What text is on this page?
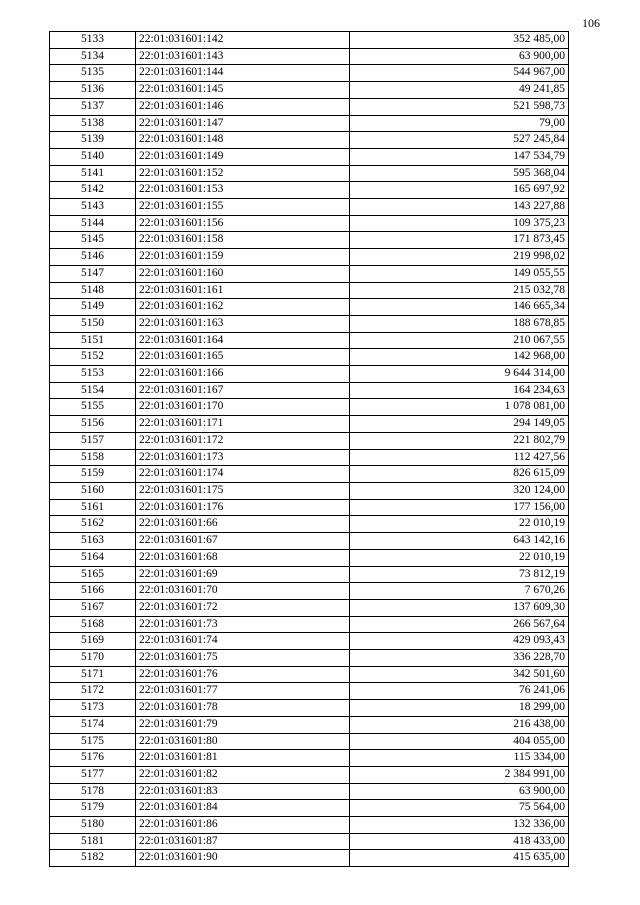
106
5133	22:01:031601:142	352 485,00
5134	22:01:031601:143	63 900,00
5135	22:01:031601:144	544 967,00
5136	22:01:031601:145	49 241,85
5137	22:01:031601:146	521 598,73
5138	22:01:031601:147	79,00
5139	22:01:031601:148	527 245,84
5140	22:01:031601:149	147 534,79
5141	22:01:031601:152	595 368,04
5142	22:01:031601:153	165 697,92
5143	22:01:031601:155	143 227,88
5144	22:01:031601:156	109 375,23
5145	22:01:031601:158	171 873,45
5146	22:01:031601:159	219 998,02
5147	22:01:031601:160	149 055,55
5148	22:01:031601:161	215 032,78
5149	22:01:031601:162	146 665,34
5150	22:01:031601:163	188 678,85
5151	22:01:031601:164	210 067,55
5152	22:01:031601:165	142 968,00
5153	22:01:031601:166	9 644 314,00
5154	22:01:031601:167	164 234,63
5155	22:01:031601:170	1 078 081,00
5156	22:01:031601:171	294 149,05
5157	22:01:031601:172	221 802,79
5158	22:01:031601:173	112 427,56
5159	22:01:031601:174	826 615,09
5160	22:01:031601:175	320 124,00
5161	22:01:031601:176	177 156,00
5162	22:01:031601:66	22 010,19
5163	22:01:031601:67	643 142,16
5164	22:01:031601:68	22 010,19
5165	22:01:031601:69	73 812,19
5166	22:01:031601:70	7 670,26
5167	22:01:031601:72	137 609,30
5168	22:01:031601:73	266 567,64
5169	22:01:031601:74	429 093,43
5170	22:01:031601:75	336 228,70
5171	22:01:031601:76	342 501,60
5172	22:01:031601:77	76 241,06
5173	22:01:031601:78	18 299,00
5174	22:01:031601:79	216 438,00
5175	22:01:031601:80	404 055,00
5176	22:01:031601:81	115 334,00
5177	22:01:031601:82	2 384 991,00
5178	22:01:031601:83	63 900,00
5179	22:01:031601:84	75 564,00
5180	22:01:031601:86	132 336,00
5181	22:01:031601:87	418 433,00
5182	22:01:031601:90	415 635,00
